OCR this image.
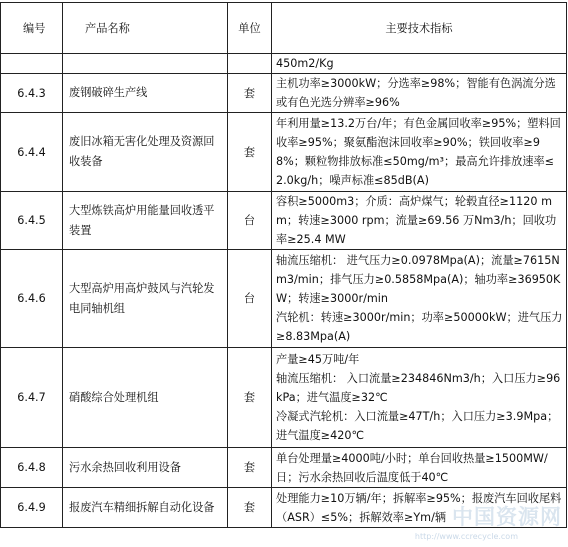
编号	产品名称	单位	主要技术指标

			450m2/Kg

6.4.3	废钢破碎生产线	套	主机功率≥3000kW；分选率≥98%；智能有色涡流分选或有色光选分辨率≥96%

6.4.4	废旧冰箱无害化处理及资源回收装备	套	年利用量≥13.2万台/年；有色金属回收率≥95%；塑料回收率≥95%；聚氨酯泡沫回收率≥90%；铁回收率≥98%；颗粒物排放标准≤50mg/m³；最高允许排放速率≤2.0kg/h；噪声标准≤85dB(A)

6.4.5	大型炼铁高炉用能量回收透平装置	台	容积≥5000m3；介质：高炉煤气；轮毂直径≥1120 mm；转速≥3000 rpm；流量≥69.56 万Nm3/h；回收功率≥25.4 MW

6.4.6	大型高炉用高炉鼓风与汽轮发电同轴机组	台	轴流压缩机： 进气压力≥0.0978Mpa(A)；流量≥7615Nm3/min；排气压力≥0.5858Mpa(A)；轴功率≥36950KW；转速≥3000r/min
汽轮机：转速≥3000r/min；功率≥50000kW；进气压力≥8.83Mpa(A)

6.4.7	硝酸综合处理机组	套	产量≥45万吨/年
轴流压缩机： 入口流量≥234846Nm3/h；入口压力≥96kPa；进气温度≥32℃
冷凝式汽轮机：入口流量≥47T/h；入口压力≥3.9Mpa；进气温度≥420℃

6.4.8	污水余热回收利用设备	套	单台处理量≥4000吨/小时；单台回收热量≥1500MW/日；污水余热回收后温度低于40℃

6.4.9	报废汽车精细拆解自动化设备	套	处理能力≥10万辆/年；拆解率≥95%；报废汽车回收尾料（ASR）≤5%；拆解效率≥Ym/辆 中国资源网
http://www.ccrecycle.com
